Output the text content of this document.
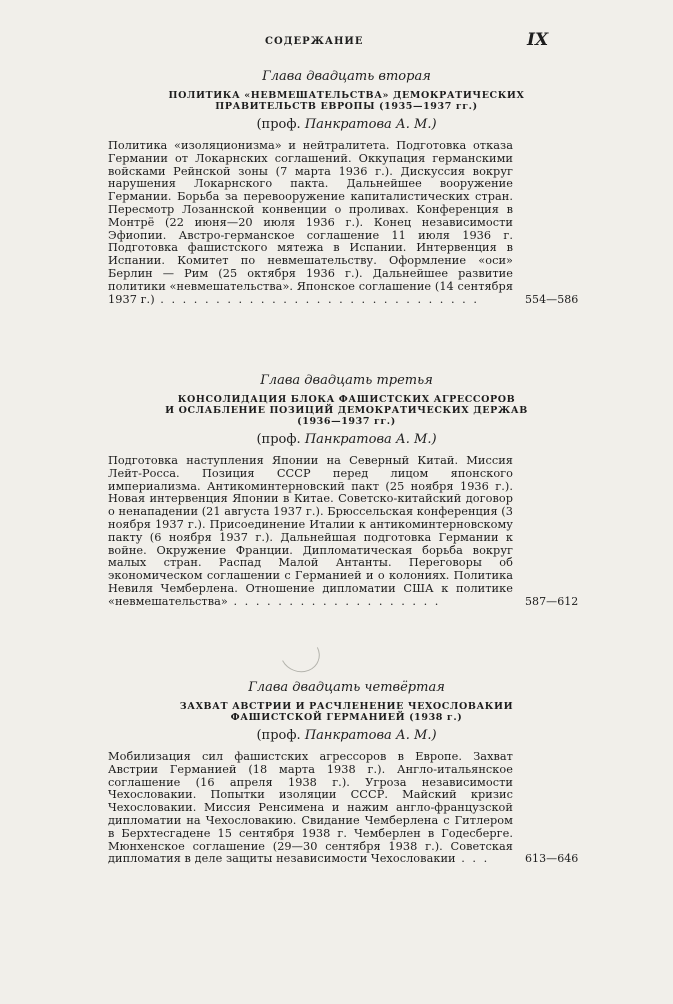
СОДЕРЖАНИЕ	IX
Глава двадцать вторая
ПОЛИТИКА «НЕВМЕШАТЕЛЬСТВА» ДЕМОКРАТИЧЕСКИХ
ПРАВИТЕЛЬСТВ ЕВРОПЫ (1935—1937 гг.)
(проф. Панкратова А. М.)
Политика «изоляционизма» и нейтралитета. Подготовка отказа Германии от Локарнских соглашений. Оккупация германскими войсками Рейнской зоны (7 марта 1936 г.). Дискуссия вокруг нарушения Локарнского пакта. Дальнейшее вооружение Германии. Борьба за перевооружение капиталистических стран. Пересмотр Лозаннской конвенции о проливах. Конференция в Монтрё (22 июня—20 июля 1936 г.). Конец независимости Эфиопии. Австро-германское соглашение 11 июля 1936 г. Подготовка фашистского мятежа в Испании. Интервенция в Испании. Комитет по невмешательству. Оформление «оси» Берлин — Рим (25 октября 1936 г.). Дальнейшее развитие политики «невмешательства». Японское соглашение (14 сентября 1937 г.) . . . . . . . . . . . . . . . . . . . . . . . . . . . . .	554—586
Глава двадцать третья
КОНСОЛИДАЦИЯ БЛОКА ФАШИСТСКИХ АГРЕССОРОВ
И ОСЛАБЛЕНИЕ ПОЗИЦИЙ ДЕМОКРАТИЧЕСКИХ ДЕРЖАВ
(1936—1937 гг.)
(проф. Панкратова А. М.)
Подготовка наступления Японии на Северный Китай. Миссия Лейт-Росса. Позиция СССР перед лицом японского империализма. Антикоминтерновский пакт (25 ноября 1936 г.). Новая интервенция Японии в Китае. Советско-китайский договор о ненападении (21 августа 1937 г.). Брюссельская конференция (3 ноября 1937 г.). Присоединение Италии к антикоминтерновскому пакту (6 ноября 1937 г.). Дальнейшая подготовка Германии к войне. Окружение Франции. Дипломатическая борьба вокруг малых стран. Распад Малой Антанты. Переговоры об экономическом соглашении с Германией и о колониях. Политика Невиля Чемберлена. Отношение дипломатии США к политике «невмешательства» . . . . . . . . . . . . . . . . . . .	587—612
Глава двадцать четвёртая
ЗАХВАТ АВСТРИИ И РАСЧЛЕНЕНИЕ ЧЕХОСЛОВАКИИ
ФАШИСТСКОЙ ГЕРМАНИЕЙ (1938 г.)
(проф. Панкратова А. М.)
Мобилизация сил фашистских агрессоров в Европе. Захват Австрии Германией (18 марта 1938 г.). Англо-итальянское соглашение (16 апреля 1938 г.). Угроза независимости Чехословакии. Попытки изоляции СССР. Майский кризис Чехословакии. Миссия Ренсимена и нажим англо-французской дипломатии на Чехословакию. Свидание Чемберлена с Гитлером в Берхтесгадене 15 сентября 1938 г. Чемберлен в Годесберге. Мюнхенское соглашение (29—30 сентября 1938 г.). Советская дипломатия в деле защиты независимости Чехословакии . . .	613—646
